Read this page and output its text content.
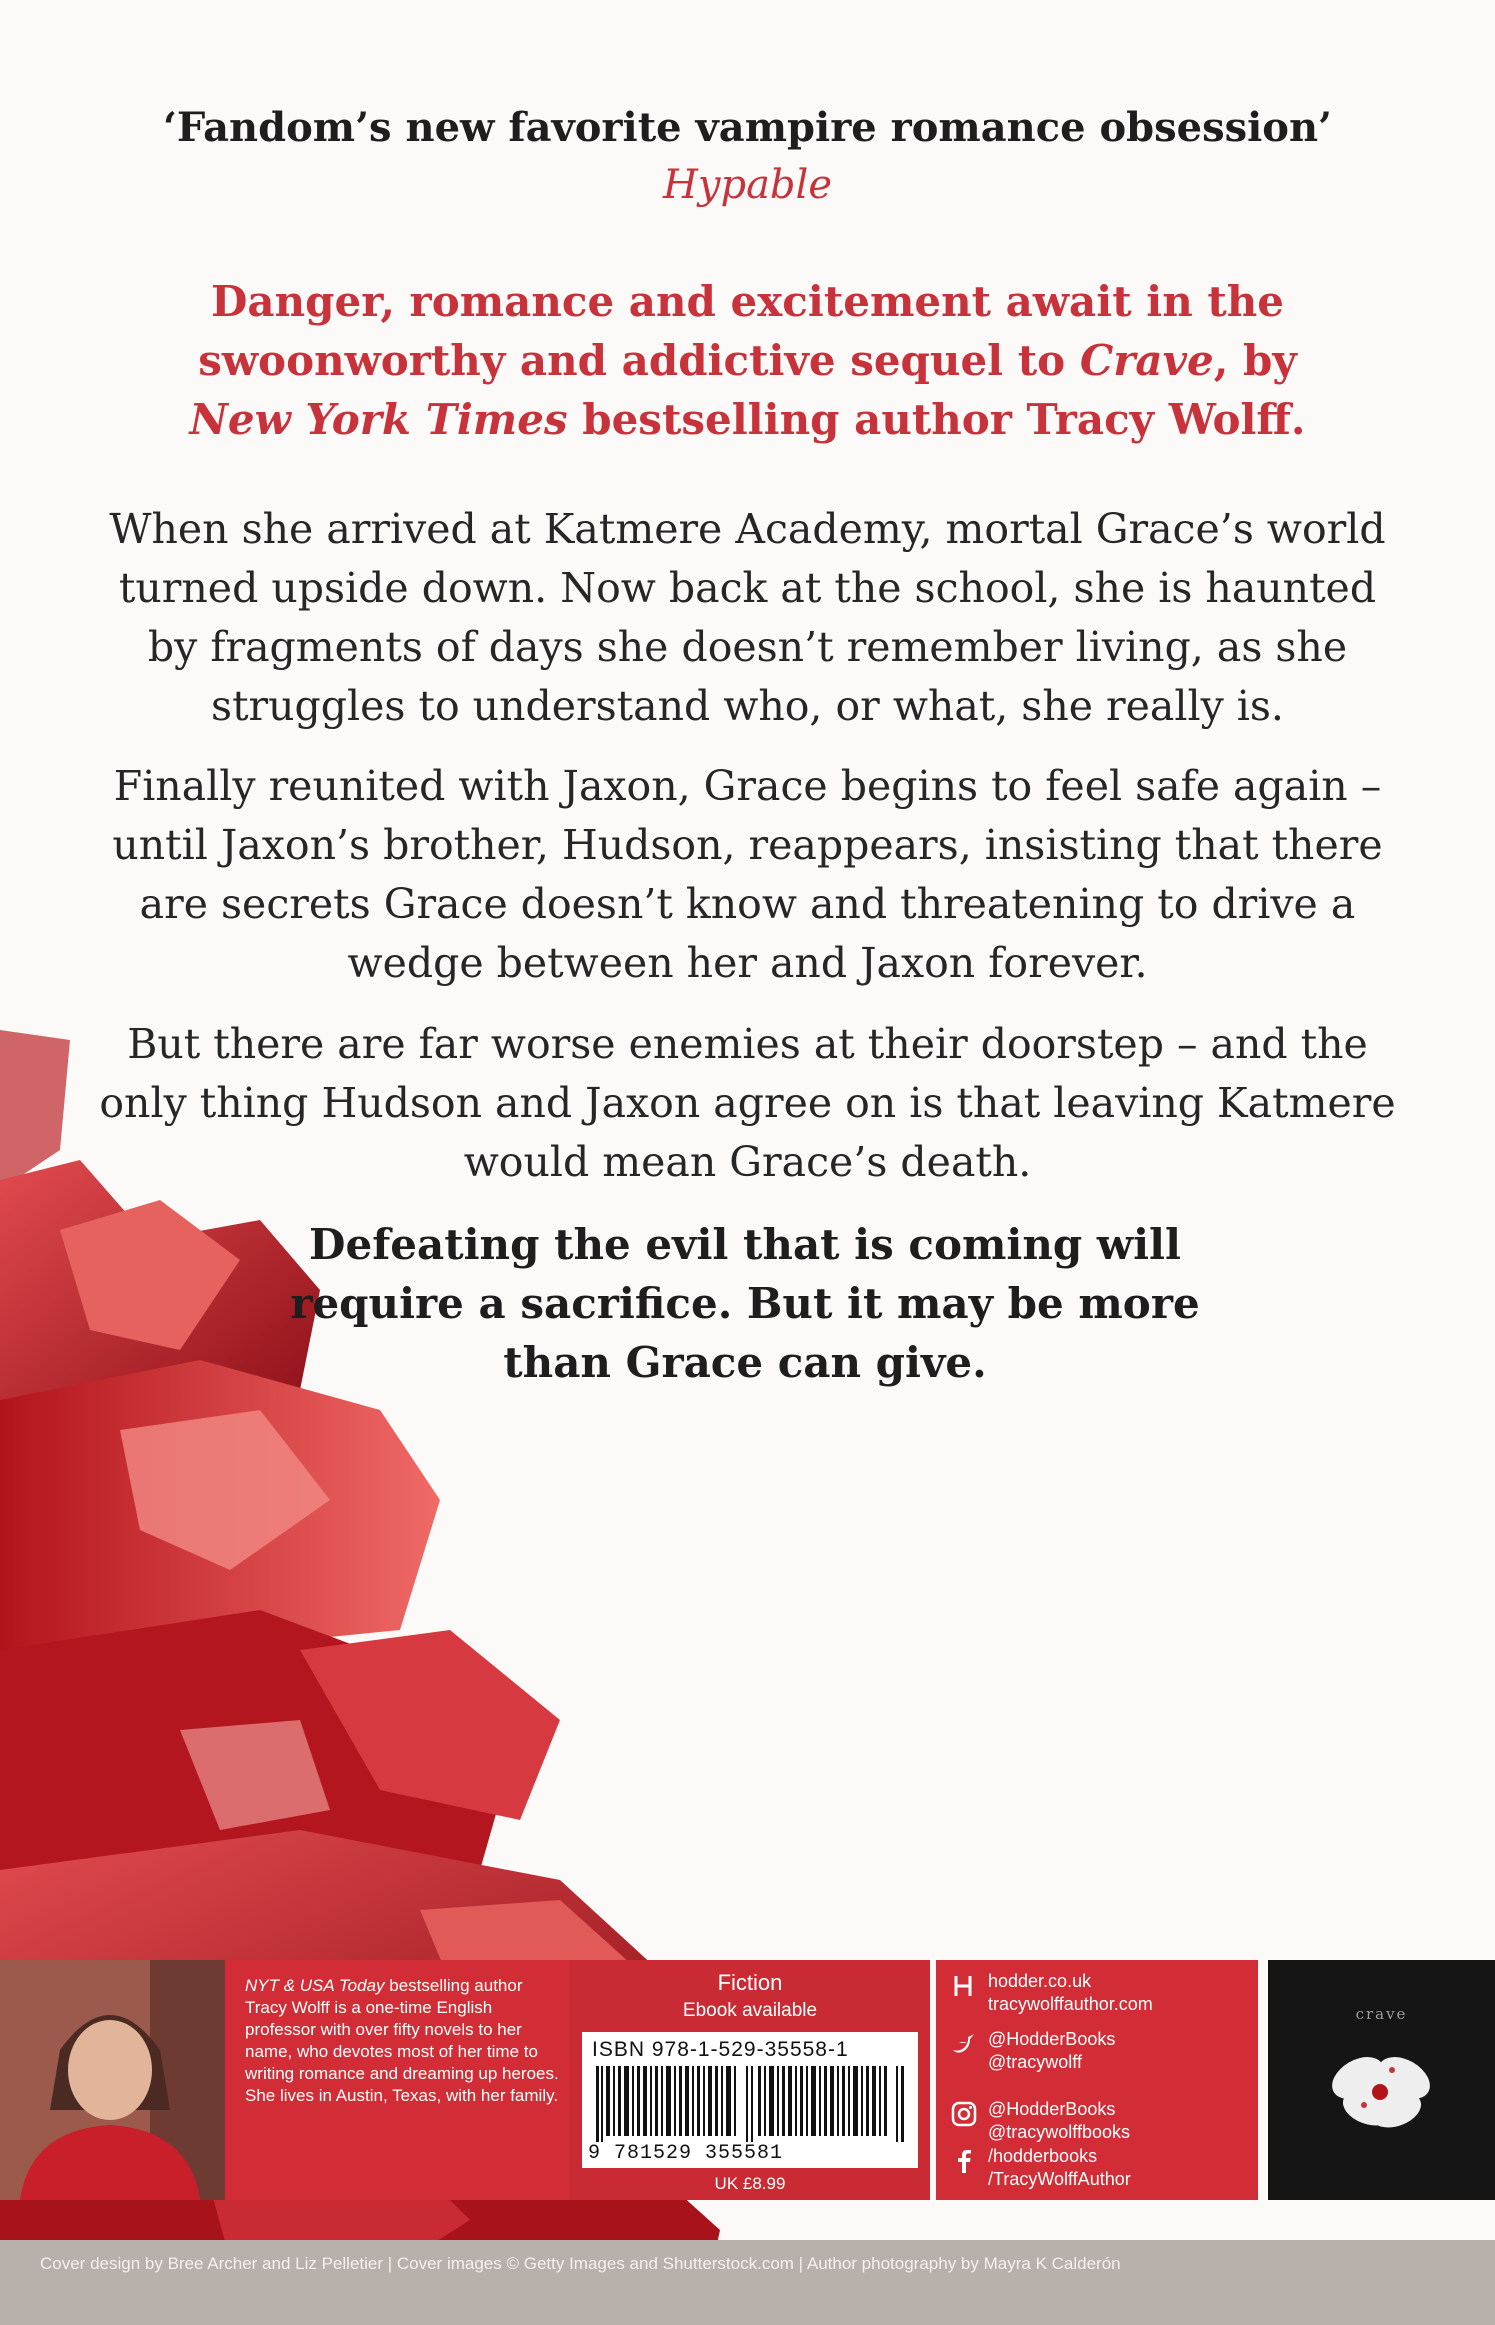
‘Fandom’s new favorite vampire romance obsession’
Hypable
Danger, romance and excitement await in the swoonworthy and addictive sequel to Crave, by New York Times bestselling author Tracy Wolff.
When she arrived at Katmere Academy, mortal Grace’s world turned upside down. Now back at the school, she is haunted by fragments of days she doesn’t remember living, as she struggles to understand who, or what, she really is.
Finally reunited with Jaxon, Grace begins to feel safe again – until Jaxon’s brother, Hudson, reappears, insisting that there are secrets Grace doesn’t know and threatening to drive a wedge between her and Jaxon forever.
But there are far worse enemies at their doorstep – and the only thing Hudson and Jaxon agree on is that leaving Katmere would mean Grace’s death.
Defeating the evil that is coming will require a sacrifice. But it may be more than Grace can give.
NYT & USA Today bestselling author Tracy Wolff is a one-time English professor with over fifty novels to her name, who devotes most of her time to writing romance and dreaming up heroes. She lives in Austin, Texas, with her family.
Fiction
Ebook available
ISBN 978-1-529-35558-1
9 781529 355581
UK £8.99
hodder.co.uk
tracywolffauthor.com
@HodderBooks
@tracywolff
@HodderBooks
@tracywolffbooks
/hodderbooks
/TracyWolffAuthor
crave
Cover design by Bree Archer and Liz Pelletier | Cover images © Getty Images and Shutterstock.com | Author photography by Mayra K Calderón
